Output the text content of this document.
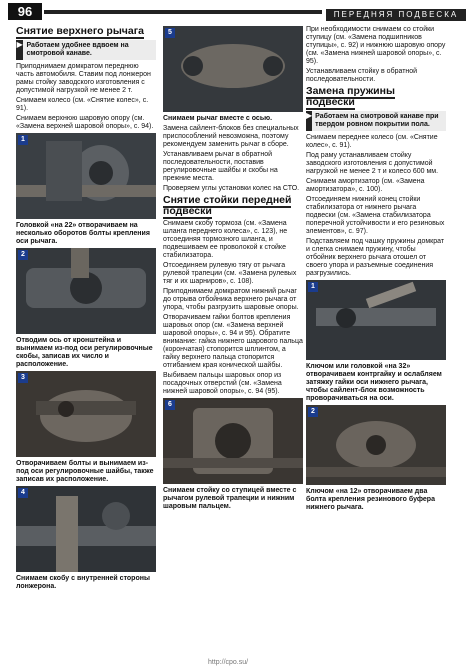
96	ПЕРЕДНЯЯ ПОДВЕСКА
Снятие верхнего рычага
▶ Работаем удобнее вдвоем на смотровой канаве.

Приподнимаем домкратом переднюю часть автомобиля. Ставим под лонжерон рамы стойку заводского изготовления с допустимой нагрузкой не менее 2 т.

Снимаем колесо (см. «Снятие колес», с. 91).

Снимаем верхнюю шаровую опору (см. «Замена верхней шаровой опоры», с. 94).

1

Головкой «на 22» отворачиваем на несколько оборотов болты крепления оси рычага.

2

Отводим ось от кронштейна и вынимаем из-под оси регулировочные скобы, записав их число и расположение.

3

Отворачиваем болты и вынимаем из-под оси регулировочные шайбы, также записав их расположение.

4

Снимаем скобу с внутренней стороны лонжерона.

5

Снимаем рычаг вместе с осью.

Замена сайлент-блоков без специальных приспособлений невозможна, поэтому рекомендуем заменить рычаг в сборе.

Устанавливаем рычаг в обратной последовательности, поставив регулировочные шайбы и скобы на прежние места.

Проверяем углы установки колес на СТО.

Снятие стойки передней подвески

Снимаем скобу тормоза (см. «Замена шланга переднего колеса», с. 123), не отсоединяя тормозного шланга, и подвешиваем ее проволокой к стойке стабилизатора.

Отсоединяем рулевую тягу от рычага рулевой трапеции (см. «Замена рулевых тяг и их шарниров», с. 108).

Приподнимаем домкратом нижний рычаг до отрыва отбойника верхнего рычага от упора, чтобы разгрузить шаровые опоры.

Отворачиваем гайки болтов крепления шаровых опор (см. «Замена верхней шаровой опоры», с. 94 и 95). Обратите внимание: гайка нижнего шарового пальца (корончатая) стопорится шплинтом, а гайку верхнего пальца стопорится отгибанием края конической шайбы.

Выбиваем пальцы шаровых опор из посадочных отверстий (см. «Замена нижней шаровой опоры», с. 94 (95).

6

Снимаем стойку со ступицей вместе с рычагом рулевой трапеции и нижним шаровым пальцем.

При необходимости снимаем со стойки ступицу (см. «Замена подшипников ступицы», с. 92) и нижнюю шаровую опору (см. «Замена нижней шаровой опоры», с. 95).

Устанавливаем стойку в обратной последовательности.

Замена пружины подвески
▶ Работаем на смотровой канаве при твердом ровном покрытии пола.

Снимаем переднее колесо (см. «Снятие колес», с. 91).

Под раму устанавливаем стойку заводского изготовления с допустимой нагрузкой не менее 2 т и колесо 600 мм.

Снимаем амортизатор (см. «Замена амортизатора», с. 100).

Отсоединяем нижний конец стойки стабилизатора от нижнего рычага подвески (см. «Замена стабилизатора поперечной устойчивости и его резиновых элементов», с. 97).

Подставляем под чашку пружины домкрат и слегка снимаем пружину, чтобы отбойник верхнего рычага отошел от своего упора и разъемные соединения разгрузились.

1

Ключом или головкой «на 32» отворачиваем контргайку и ослабляем затяжку гайки оси нижнего рычага, чтобы сайлент-блок возможность проворачиваться на оси.

2

Ключом «на 12» отворачиваем два болта крепления резинового буфера нижнего рычага.

http://cpo.su/
